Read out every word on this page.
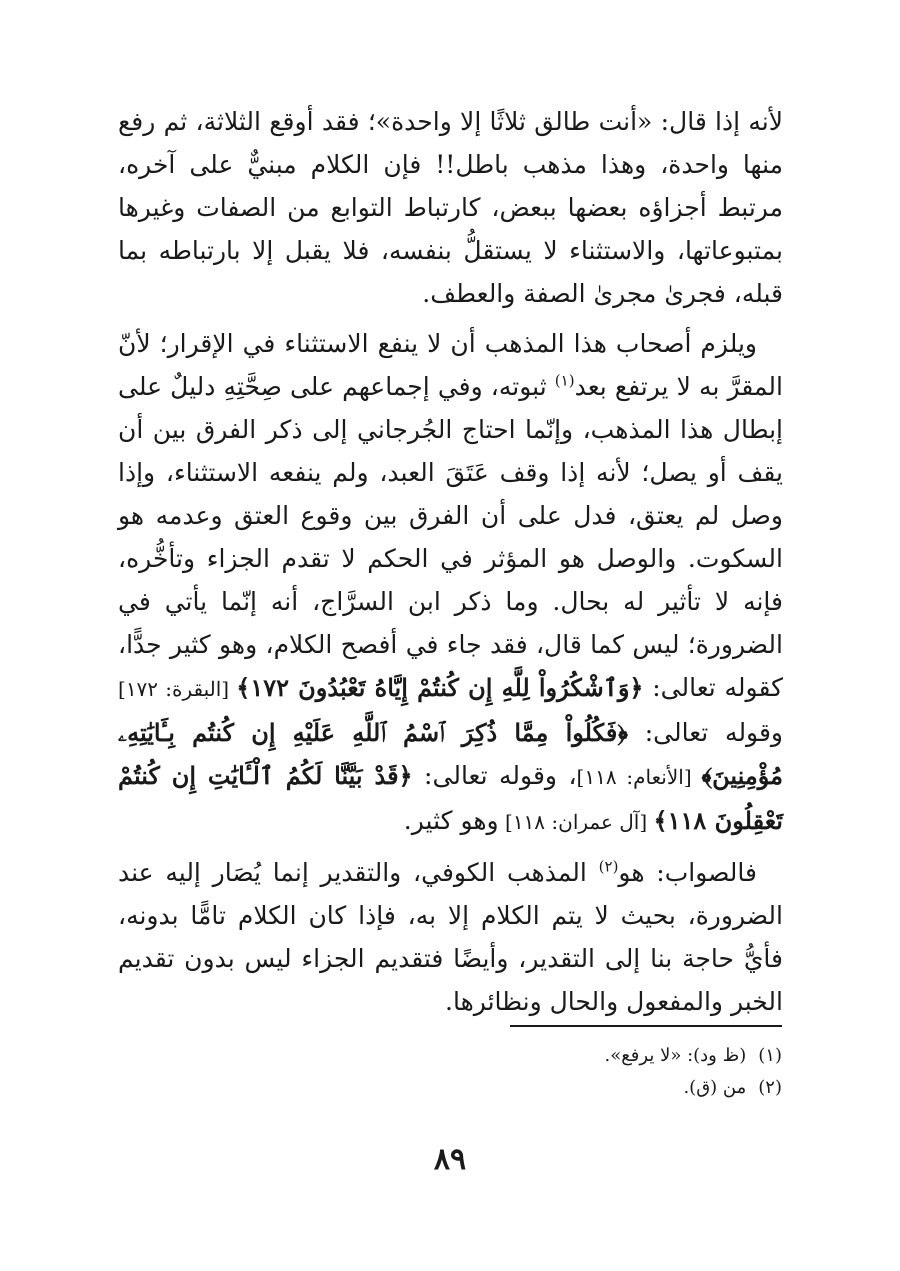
لأنه إذا قال: «أنت طالق ثلاثًا إلا واحدة»؛ فقد أوقع الثلاثة، ثم رفع منها واحدة، وهذا مذهب باطل!! فإن الكلام مبنيٌّ على آخره، مرتبط أجزاؤه بعضها ببعض، كارتباط التوابع من الصفات وغيرها بمتبوعاتها، والاستثناء لا يستقلُّ بنفسه، فلا يقبل إلا بارتباطه بما قبله، فجرىٰ مجرىٰ الصفة والعطف.

ويلزم أصحاب هذا المذهب أن لا ينفع الاستثناء في الإقرار؛ لأنّ المقرَّ به لا يرتفع بعد$^{(١)}$ ثبوته، وفي إجماعهم على صِحَّتِهِ دليلٌ على إبطال هذا المذهب، وإنّما احتاج الجُرجاني إلى ذكر الفرق بين أن يقف أو يصل؛ لأنه إذا وقف عَتَقَ العبد، ولم ينفعه الاستثناء، وإذا وصل لم يعتق، فدل على أن الفرق بين وقوع العتق وعدمه هو السكوت. والوصل هو المؤثر في الحكم لا تقدم الجزاء وتأخُّره، فإنه لا تأثير له بحال. وما ذكر ابن السرَّاج، أنه إنّما يأتي في الضرورة؛ ليس كما قال، فقد جاء في أفصح الكلام، وهو كثير جدًّا، كقوله تعالى: ﴿وَٱشْكُرُواْ لِلَّهِ إِن كُنتُمْ إِيَّاهُ تَعْبُدُونَ ١٧٢﴾ [البقرة: ١٧٢] وقوله تعالى: ﴿فَكُلُواْ مِمَّا ذُكِرَ ٱسْمُ ٱللَّهِ عَلَيْهِ إِن كُنتُم بِـَٔايَٰتِهِۦ مُؤْمِنِينَ﴾ [الأنعام: ١١٨]، وقوله تعالى: ﴿قَدْ بَيَّنَّا لَكُمُ ٱلْـَٔايَٰتِ إِن كُنتُمْ تَعْقِلُونَ ١١٨﴾ [آل عمران: ١١٨] وهو كثير.

فالصواب: هو$^{(٢)}$ المذهب الكوفي، والتقدير إنما يُصَار إليه عند الضرورة، بحيث لا يتم الكلام إلا به، فإذا كان الكلام تامًّا بدونه، فأيُّ حاجة بنا إلى التقدير، وأيضًا فتقديم الجزاء ليس بدون تقديم الخبر والمفعول والحال ونظائرها.

(١)(ظ ود): «لا يرفع».

(٢)من (ق).

٨٩
